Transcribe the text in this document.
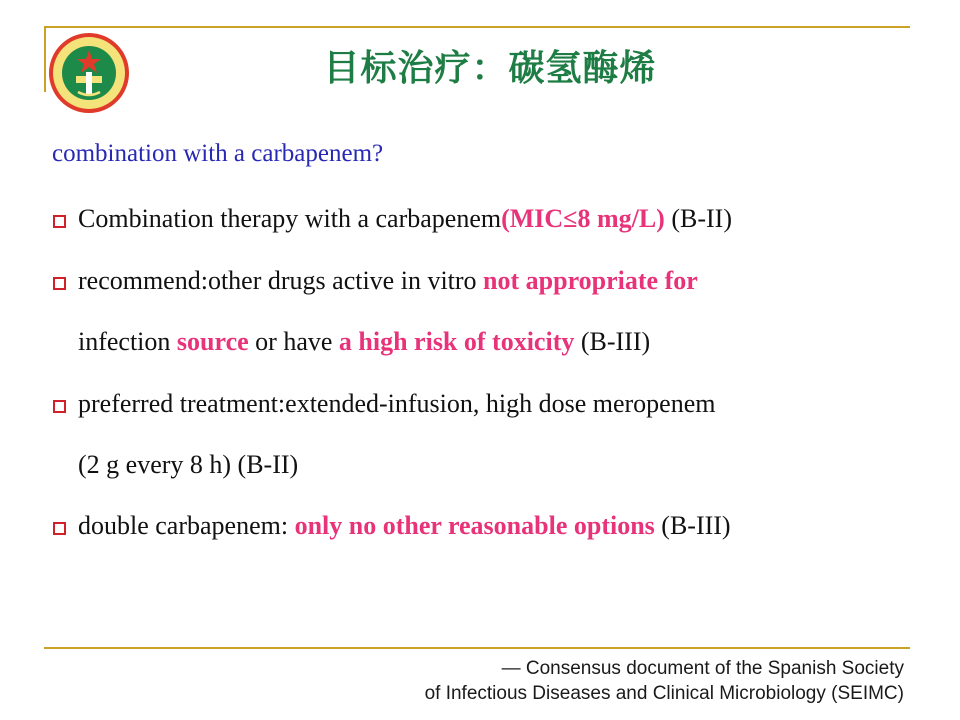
目标治疗：碳氢酶烯
combination with a carbapenem?
Combination therapy with a carbapenem(MIC≤8 mg/L) (B-II)
recommend:other drugs active in vitro not appropriate for
infection source or have a high risk of toxicity (B-III)
preferred treatment:extended-infusion, high dose meropenem
(2 g every 8 h) (B-II)
double carbapenem: only no other reasonable options (B-III)
— Consensus document of the Spanish Society
of Infectious Diseases and Clinical Microbiology (SEIMC)
